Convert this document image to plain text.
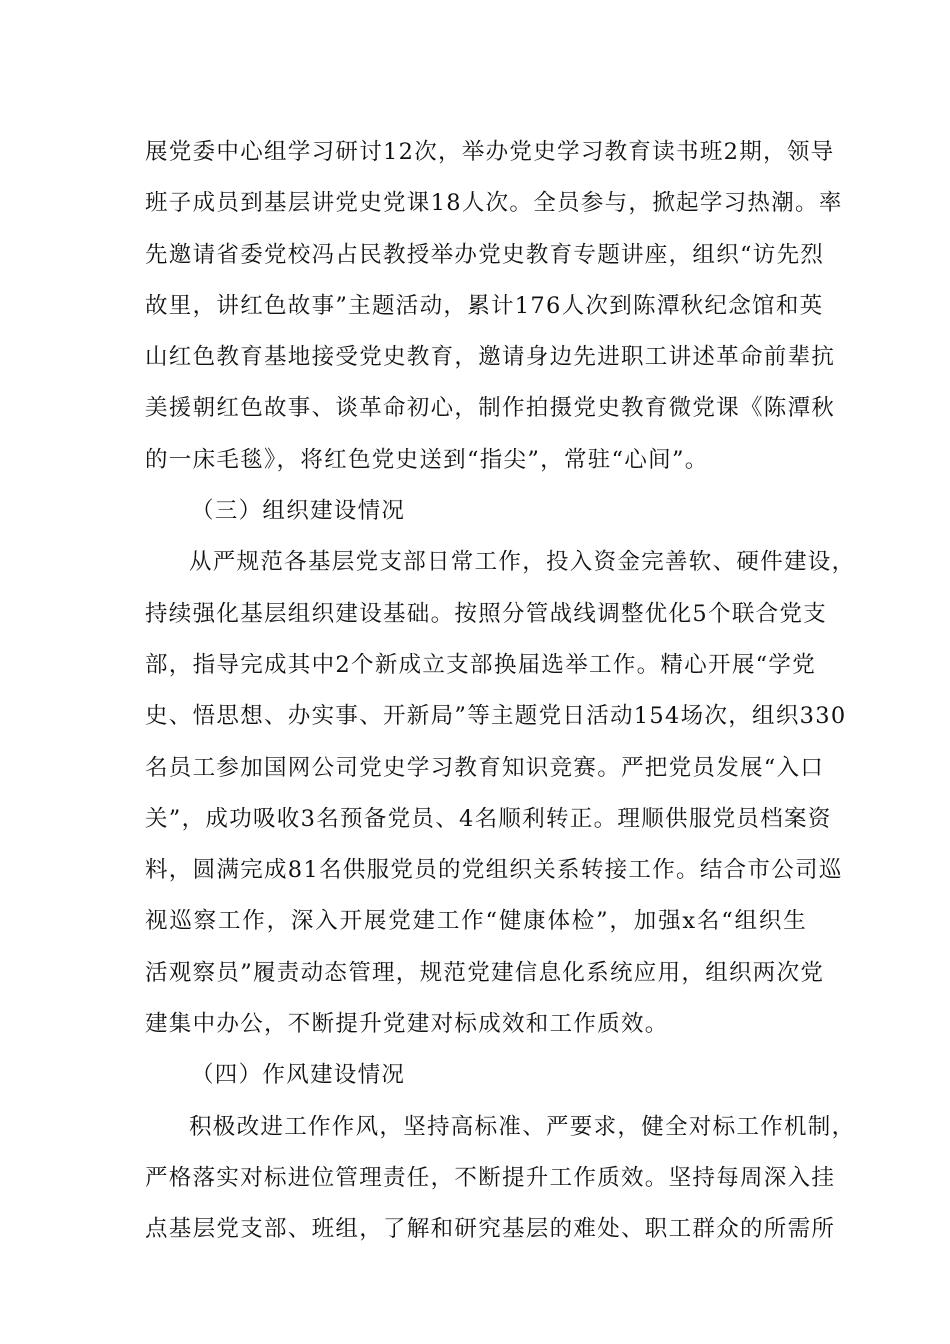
展党委中心组学习研讨12次，举办党史学习教育读书班2期，领导
班子成员到基层讲党史党课18人次。全员参与，掀起学习热潮。率
先邀请省委党校冯占民教授举办党史教育专题讲座，组织“访先烈
故里，讲红色故事”主题活动，累计176人次到陈潭秋纪念馆和英
山红色教育基地接受党史教育，邀请身边先进职工讲述革命前辈抗
美援朝红色故事、谈革命初心，制作拍摄党史教育微党课《陈潭秋
的一床毛毯》，将红色党史送到“指尖”，常驻“心间”。
（三）组织建设情况
从严规范各基层党支部日常工作，投入资金完善软、硬件建设，
持续强化基层组织建设基础。按照分管战线调整优化5个联合党支
部，指导完成其中2个新成立支部换届选举工作。精心开展“学党
史、悟思想、办实事、开新局”等主题党日活动154场次，组织330
名员工参加国网公司党史学习教育知识竞赛。严把党员发展“入口
关”，成功吸收3名预备党员、4名顺利转正。理顺供服党员档案资
料，圆满完成81名供服党员的党组织关系转接工作。结合市公司巡
视巡察工作，深入开展党建工作“健康体检”，加强x名“组织生
活观察员”履责动态管理，规范党建信息化系统应用，组织两次党
建集中办公，不断提升党建对标成效和工作质效。
（四）作风建设情况
积极改进工作作风，坚持高标准、严要求，健全对标工作机制，
严格落实对标进位管理责任，不断提升工作质效。坚持每周深入挂
点基层党支部、班组，了解和研究基层的难处、职工群众的所需所
